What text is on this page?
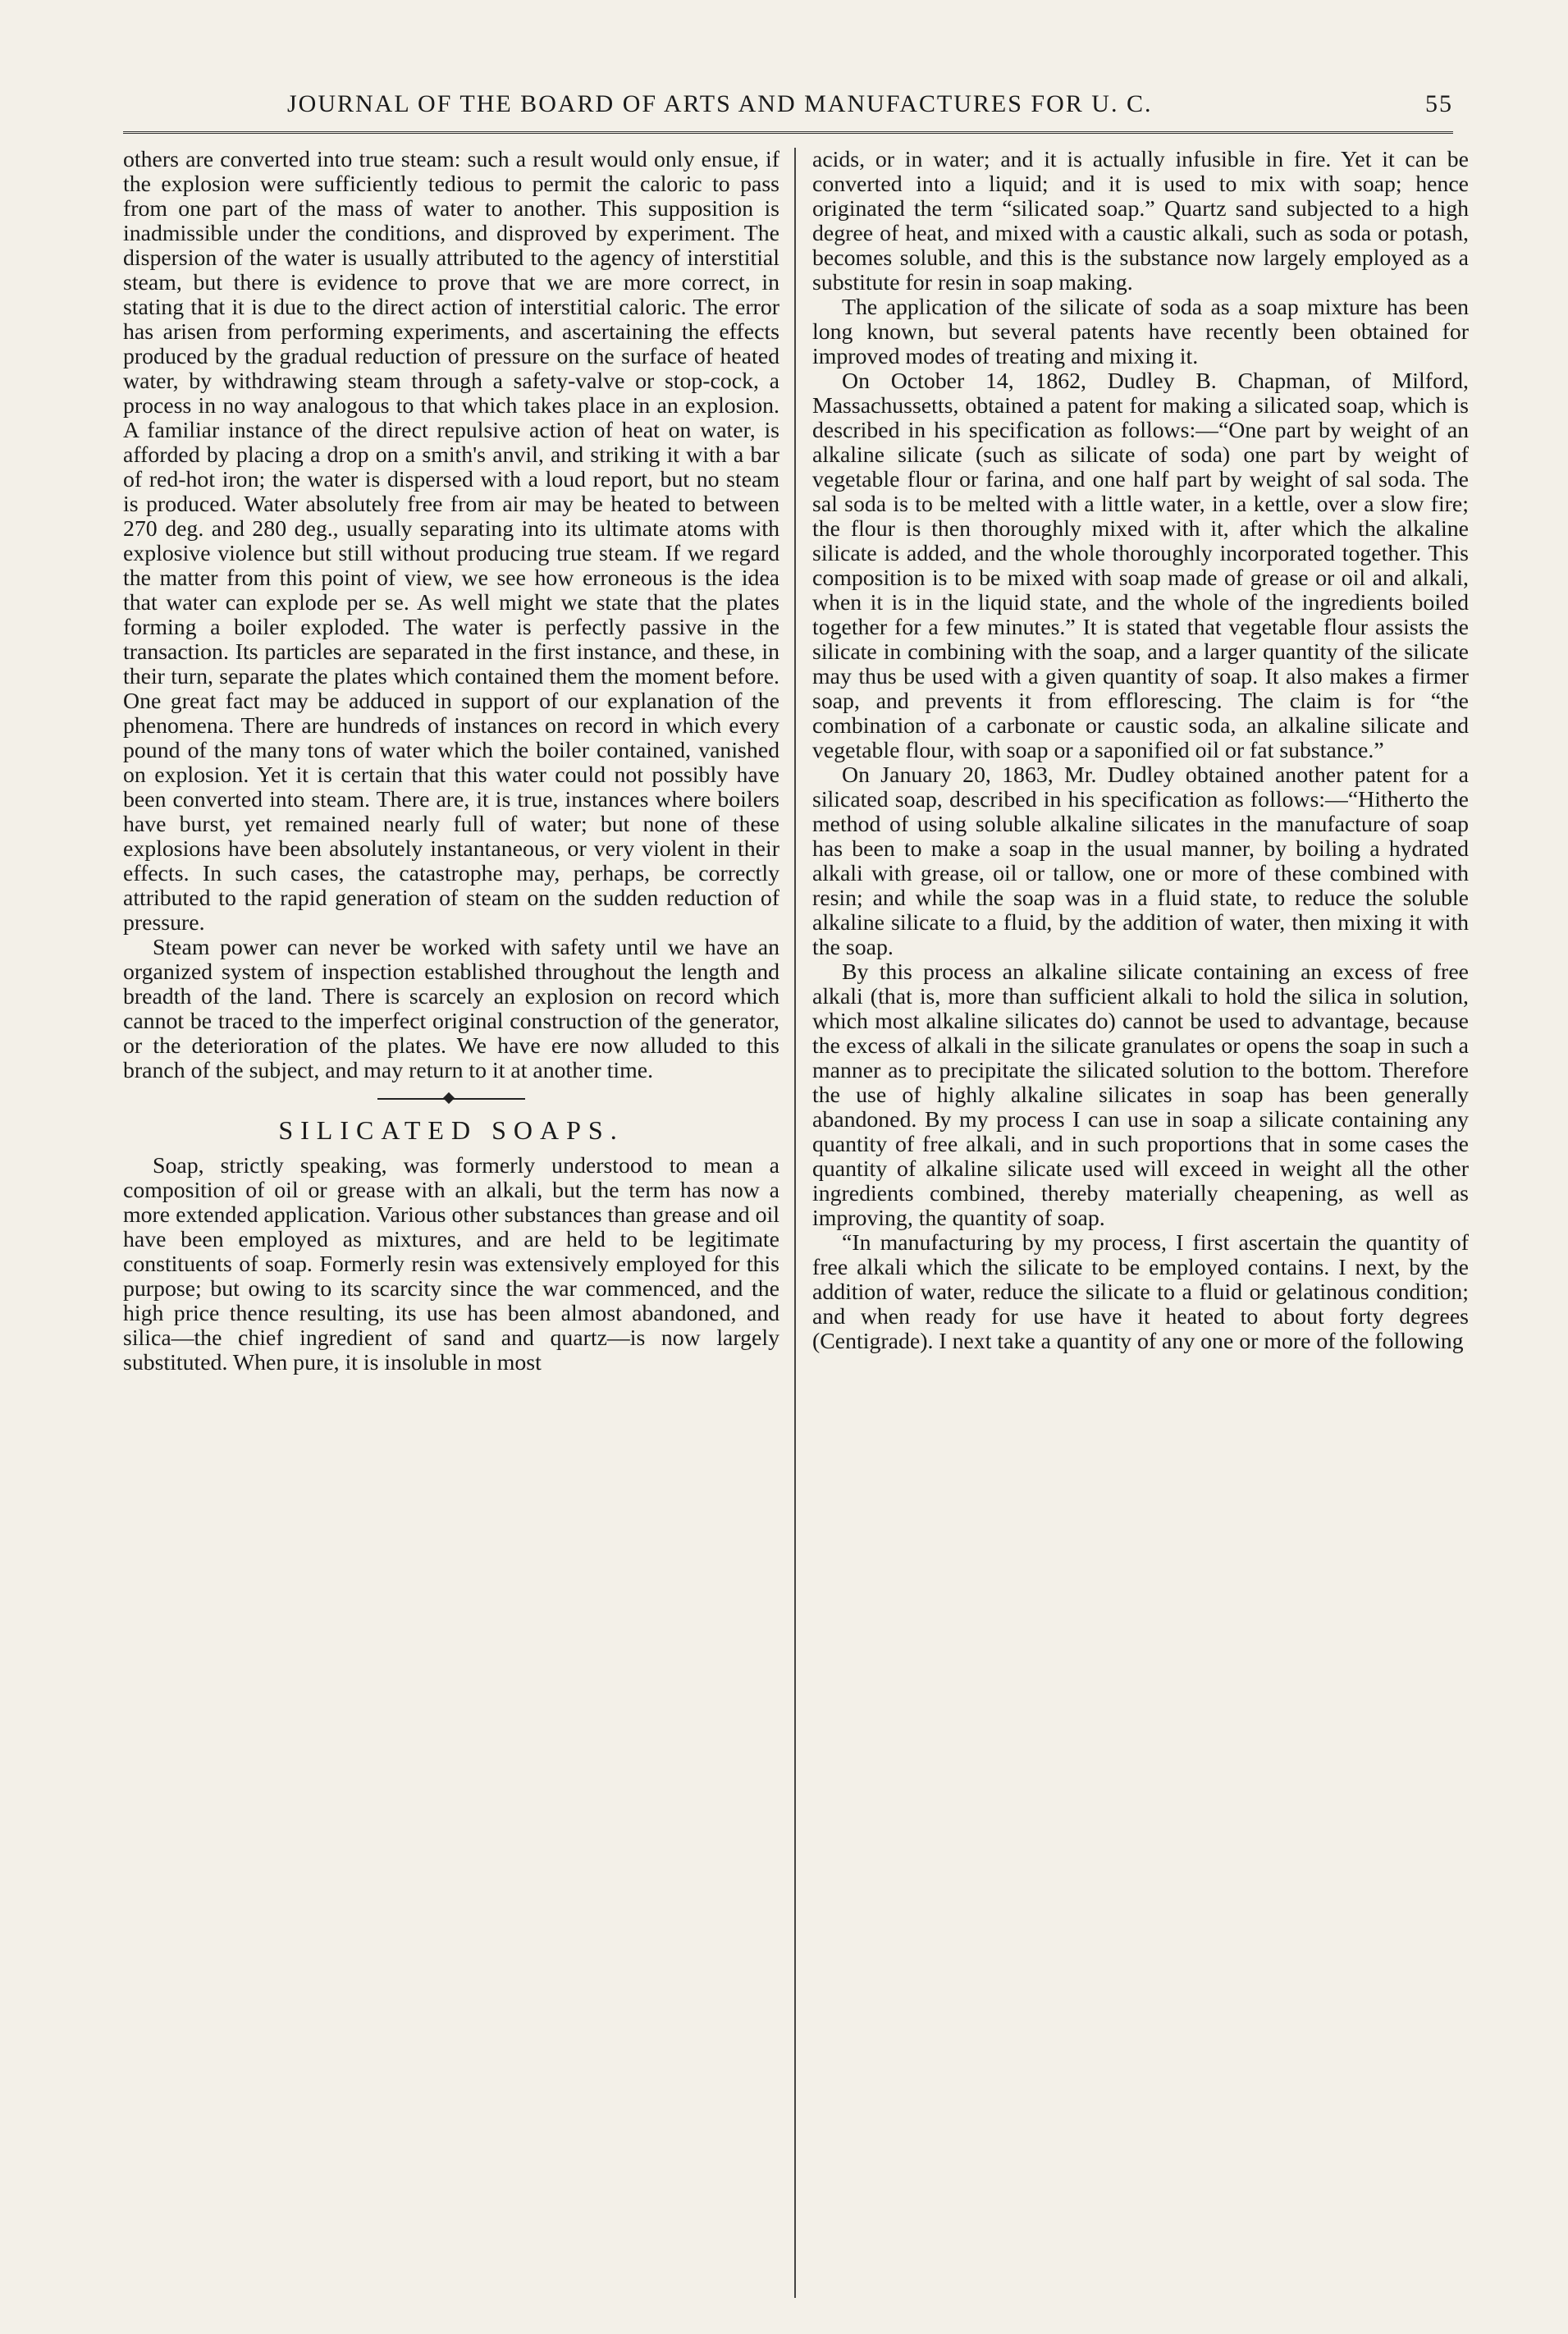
JOURNAL OF THE BOARD OF ARTS AND MANUFACTURES FOR U. C.	55

others are converted into true steam: such a result would only ensue, if the explosion were sufficiently tedious to permit the caloric to pass from one part of the mass of water to another. This supposition is inadmissible under the conditions, and disproved by experiment. The dispersion of the water is usually attributed to the agency of interstitial steam, but there is evidence to prove that we are more correct, in stating that it is due to the direct action of interstitial caloric. The error has arisen from performing experiments, and ascertaining the effects produced by the gradual reduction of pressure on the surface of heated water, by withdrawing steam through a safety-valve or stop-cock, a process in no way analogous to that which takes place in an explosion. A familiar instance of the direct repulsive action of heat on water, is afforded by placing a drop on a smith's anvil, and striking it with a bar of red-hot iron; the water is dispersed with a loud report, but no steam is produced. Water absolutely free from air may be heated to between 270 deg. and 280 deg., usually separating into its ultimate atoms with explosive violence but still without producing true steam. If we regard the matter from this point of view, we see how erroneous is the idea that water can explode per se. As well might we state that the plates forming a boiler exploded. The water is perfectly passive in the transaction. Its particles are separated in the first instance, and these, in their turn, separate the plates which contained them the moment before. One great fact may be adduced in support of our explanation of the phenomena. There are hundreds of instances on record in which every pound of the many tons of water which the boiler contained, vanished on explosion. Yet it is certain that this water could not possibly have been converted into steam. There are, it is true, instances where boilers have burst, yet remained nearly full of water; but none of these explosions have been absolutely instantaneous, or very violent in their effects. In such cases, the catastrophe may, perhaps, be correctly attributed to the rapid generation of steam on the sudden reduction of pressure.

Steam power can never be worked with safety until we have an organized system of inspection established throughout the length and breadth of the land. There is scarcely an explosion on record which cannot be traced to the imperfect original construction of the generator, or the deterioration of the plates. We have ere now alluded to this branch of the subject, and may return to it at another time.

SILICATED SOAPS.

Soap, strictly speaking, was formerly understood to mean a composition of oil or grease with an alkali, but the term has now a more extended application. Various other substances than grease and oil have been employed as mixtures, and are held to be legitimate constituents of soap. Formerly resin was extensively employed for this purpose; but owing to its scarcity since the war commenced, and the high price thence resulting, its use has been almost abandoned, and silica—the chief ingredient of sand and quartz—is now largely substituted. When pure, it is insoluble in most

acids, or in water; and it is actually infusible in fire. Yet it can be converted into a liquid; and it is used to mix with soap; hence originated the term “silicated soap.” Quartz sand subjected to a high degree of heat, and mixed with a caustic alkali, such as soda or potash, becomes soluble, and this is the substance now largely employed as a substitute for resin in soap making.

The application of the silicate of soda as a soap mixture has been long known, but several patents have recently been obtained for improved modes of treating and mixing it.

On October 14, 1862, Dudley B. Chapman, of Milford, Massachussetts, obtained a patent for making a silicated soap, which is described in his specification as follows:—“One part by weight of an alkaline silicate (such as silicate of soda) one part by weight of vegetable flour or farina, and one half part by weight of sal soda. The sal soda is to be melted with a little water, in a kettle, over a slow fire; the flour is then thoroughly mixed with it, after which the alkaline silicate is added, and the whole thoroughly incorporated together. This composition is to be mixed with soap made of grease or oil and alkali, when it is in the liquid state, and the whole of the ingredients boiled together for a few minutes.” It is stated that vegetable flour assists the silicate in combining with the soap, and a larger quantity of the silicate may thus be used with a given quantity of soap. It also makes a firmer soap, and prevents it from efflorescing. The claim is for “the combination of a carbonate or caustic soda, an alkaline silicate and vegetable flour, with soap or a saponified oil or fat substance.”

On January 20, 1863, Mr. Dudley obtained another patent for a silicated soap, described in his specification as follows:—“Hitherto the method of using soluble alkaline silicates in the manufacture of soap has been to make a soap in the usual manner, by boiling a hydrated alkali with grease, oil or tallow, one or more of these combined with resin; and while the soap was in a fluid state, to reduce the soluble alkaline silicate to a fluid, by the addition of water, then mixing it with the soap.

By this process an alkaline silicate containing an excess of free alkali (that is, more than sufficient alkali to hold the silica in solution, which most alkaline silicates do) cannot be used to advantage, because the excess of alkali in the silicate granulates or opens the soap in such a manner as to precipitate the silicated solution to the bottom. Therefore the use of highly alkaline silicates in soap has been generally abandoned. By my process I can use in soap a silicate containing any quantity of free alkali, and in such proportions that in some cases the quantity of alkaline silicate used will exceed in weight all the other ingredients combined, thereby materially cheapening, as well as improving, the quantity of soap.

“In manufacturing by my process, I first ascertain the quantity of free alkali which the silicate to be employed contains. I next, by the addition of water, reduce the silicate to a fluid or gelatinous condition; and when ready for use have it heated to about forty degrees (Centigrade). I next take a quantity of any one or more of the following
